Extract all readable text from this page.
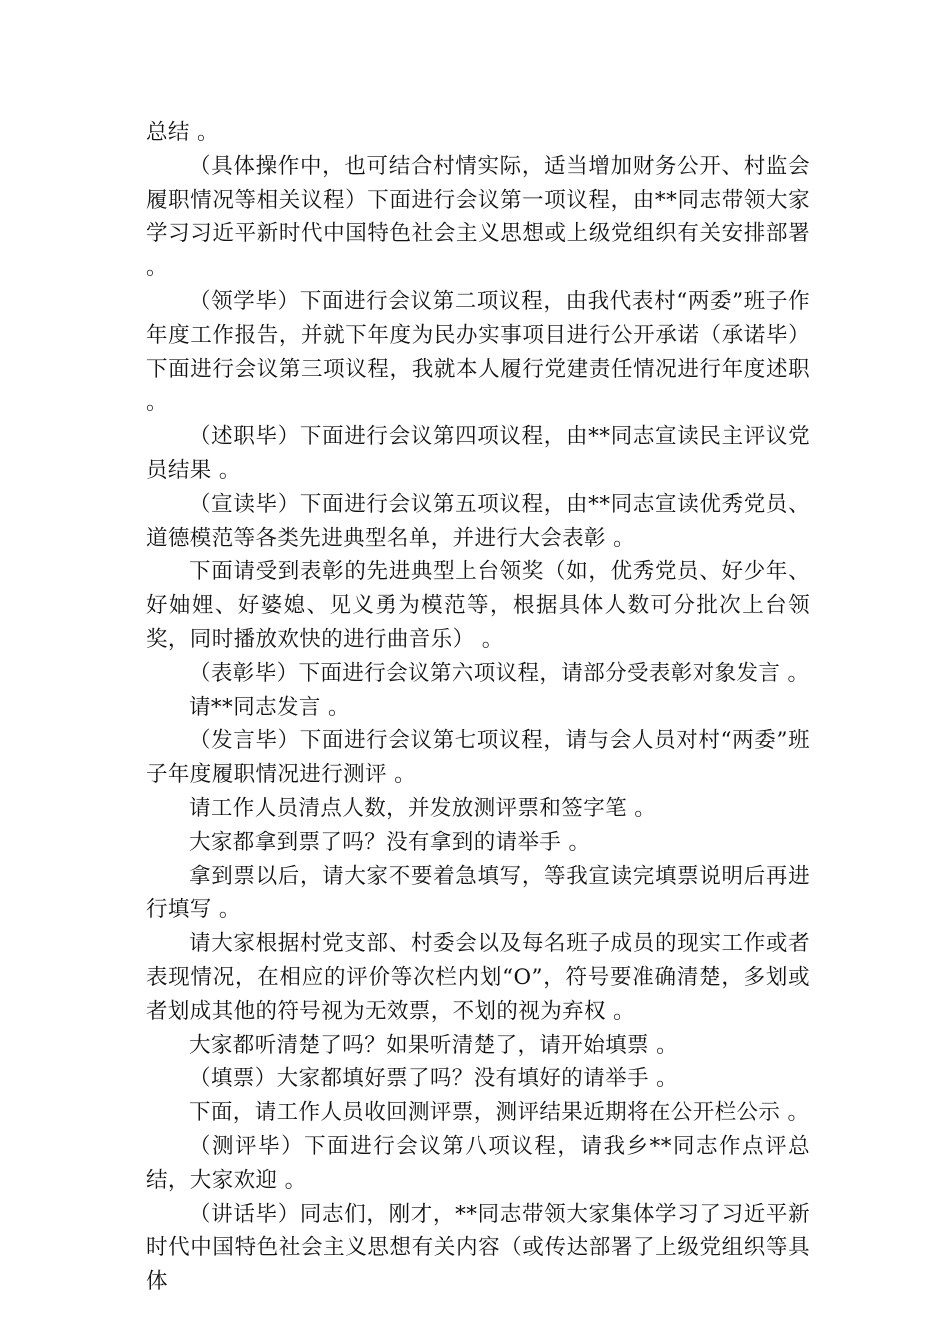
总结 。

（具体操作中，也可结合村情实际，适当增加财务公开、村监会履职情况等相关议程）下面进行会议第一项议程，由**同志带领大家学习习近平新时代中国特色社会主义思想或上级党组织有关安排部署 。

（领学毕）下面进行会议第二项议程，由我代表村“两委”班子作年度工作报告，并就下年度为民办实事项目进行公开承诺（承诺毕）下面进行会议第三项议程，我就本人履行党建责任情况进行年度述职 。

（述职毕）下面进行会议第四项议程，由**同志宣读民主评议党员结果 。

（宣读毕）下面进行会议第五项议程，由**同志宣读优秀党员、道德模范等各类先进典型名单，并进行大会表彰 。

下面请受到表彰的先进典型上台领奖（如，优秀党员、好少年、好妯娌、好婆媳、见义勇为模范等，根据具体人数可分批次上台领奖，同时播放欢快的进行曲音乐） 。

（表彰毕）下面进行会议第六项议程，请部分受表彰对象发言 。

请**同志发言 。

（发言毕）下面进行会议第七项议程，请与会人员对村“两委”班子年度履职情况进行测评 。

请工作人员清点人数，并发放测评票和签字笔 。

大家都拿到票了吗？没有拿到的请举手 。

拿到票以后，请大家不要着急填写，等我宣读完填票说明后再进行填写 。

请大家根据村党支部、村委会以及每名班子成员的现实工作或者表现情况，在相应的评价等次栏内划“O”，符号要准确清楚，多划或者划成其他的符号视为无效票，不划的视为弃权 。

大家都听清楚了吗？如果听清楚了，请开始填票 。

（填票）大家都填好票了吗？没有填好的请举手 。

下面，请工作人员收回测评票，测评结果近期将在公开栏公示 。

（测评毕）下面进行会议第八项议程，请我乡**同志作点评总结，大家欢迎 。

（讲话毕）同志们，刚才，**同志带领大家集体学习了习近平新时代中国特色社会主义思想有关内容（或传达部署了上级党组织等具体
